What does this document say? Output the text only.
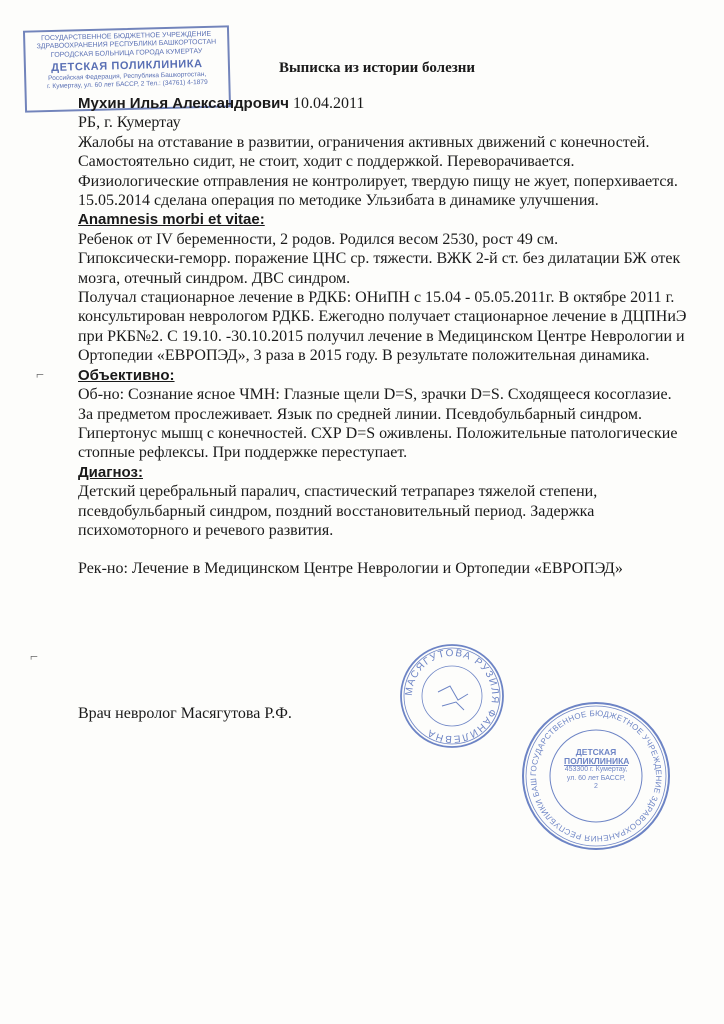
ГОСУДАРСТВЕННОЕ БЮДЖЕТНОЕ УЧРЕЖДЕНИЕ
ЗДРАВООХРАНЕНИЯ РЕСПУБЛИКИ БАШКОРТОСТАН
ГОРОДСКАЯ БОЛЬНИЦА ГОРОДА КУМЕРТАУ
ДЕТСКАЯ ПОЛИКЛИНИКА
Российская Федерация, Республика Башкортостан,
г. Кумертау, ул. 60 лет БАССР, 2 Тел.: (34761) 4-1879
Выписка из истории болезни

Мухин Илья Александрович 10.04.2011

РБ, г. Кумертау

Жалобы на отставание в развитии, ограничения активных движений с конечностей. Самостоятельно сидит, не стоит, ходит с поддержкой. Переворачивается. Физиологические отправления не контролирует, твердую пищу не жует, поперхивается. 15.05.2014 сделана операция по методике Ульзибата в динамике улучшения.

Anamnesis morbi et vitae:

Ребенок от IV беременности, 2 родов. Родился весом 2530, рост 49 см.

Гипоксически-геморр. поражение ЦНС ср. тяжести. ВЖК 2-й ст. без дилатации БЖ отек мозга, отечный синдром. ДВС синдром.

Получал стационарное лечение в РДКБ: ОНиПН с 15.04 - 05.05.2011г. В октябре 2011 г. консультирован неврологом РДКБ. Ежегодно получает стационарное лечение в ДЦПНиЭ при РКБ№2. С 19.10. -30.10.2015 получил лечение в Медицинском Центре Неврологии и Ортопедии «ЕВРОПЭД», 3 раза в 2015 году. В результате положительная динамика.

Объективно:

Об-но: Сознание ясное ЧМН: Глазные щели D=S, зрачки D=S. Сходящееся косоглазие. За предметом прослеживает. Язык по средней линии. Псевдобульбарный синдром. Гипертонус мышц с конечностей. СХР D=S оживлены. Положительные патологические стопные рефлексы. При поддержке переступает.

Диагноз:

Детский церебральный паралич, спастический тетрапарез тяжелой степени, псевдобульбарный синдром, поздний восстановительный период. Задержка психомоторного и речевого развития.

Рек-но: Лечение в Медицинском Центре Неврологии и Ортопедии «ЕВРОПЭД»

Врач невролог Масягутова Р.Ф.
МАСЯГУТОВА РУЗИЛЯ ФАНИЛЕВНА
ГОСУДАРСТВЕННОЕ БЮДЖЕТНОЕ УЧРЕЖДЕНИЕ ЗДРАВООХРАНЕНИЯ РЕСПУБЛИКИ БАШКОРТОСТАН ГОРОДСКАЯ БОЛЬНИЦА ГОРОДА КУМЕРТАУ
ДЕТСКАЯ ПОЛИКЛИНИКА
453300 г. Кумертау,
ул. 60 лет БАССР, 2
⌐
⌐
